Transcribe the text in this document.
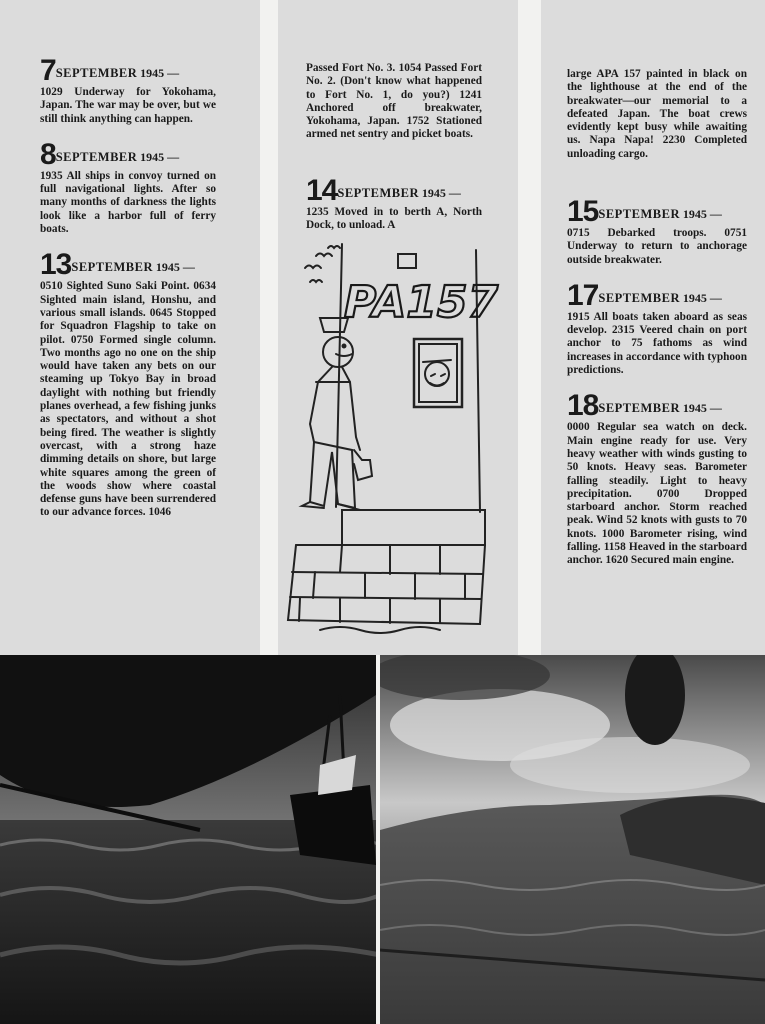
7SEPTEMBER 1945 —
1029 Underway for Yokohama, Japan. The war may be over, but we still think anything can happen.
8SEPTEMBER 1945 —
1935 All ships in convoy turned on full navigational lights. After so many months of darkness the lights look like a harbor full of ferry boats.
13SEPTEMBER 1945 —
0510 Sighted Suno Saki Point. 0634 Sighted main island, Honshu, and various small islands. 0645 Stopped for Squadron Flagship to take on pilot. 0750 Formed single column. Two months ago no one on the ship would have taken any bets on our steaming up Tokyo Bay in broad daylight with nothing but friendly planes overhead, a few fishing junks as spectators, and without a shot being fired. The weather is slightly overcast, with a strong haze dimming details on shore, but large white squares among the green of the woods show where coastal defense guns have been surrendered to our advance forces. 1046
Passed Fort No. 3. 1054 Passed Fort No. 2. (Don't know what happened to Fort No. 1, do you?) 1241 Anchored off breakwater, Yokohama, Japan. 1752 Stationed armed net sentry and picket boats.
14SEPTEMBER 1945 —
1235 Moved in to berth A, North Dock, to unload. A
PA157
large APA 157 painted in black on the lighthouse at the end of the breakwater—our memorial to a defeated Japan. The boat crews evidently kept busy while awaiting us. Napa Napa! 2230 Completed unloading cargo.
15SEPTEMBER 1945 —
0715 Debarked troops. 0751 Underway to return to anchorage outside breakwater.
17SEPTEMBER 1945 —
1915 All boats taken aboard as seas develop. 2315 Veered chain on port anchor to 75 fathoms as wind increases in accordance with typhoon predictions.
18SEPTEMBER 1945 —
0000 Regular sea watch on deck. Main engine ready for use. Very heavy weather with winds gusting to 50 knots. Heavy seas. Barometer falling steadily. Light to heavy precipitation. 0700 Dropped starboard anchor. Storm reached peak. Wind 52 knots with gusts to 70 knots. 1000 Barometer rising, wind falling. 1158 Heaved in the starboard anchor. 1620 Secured main engine.
